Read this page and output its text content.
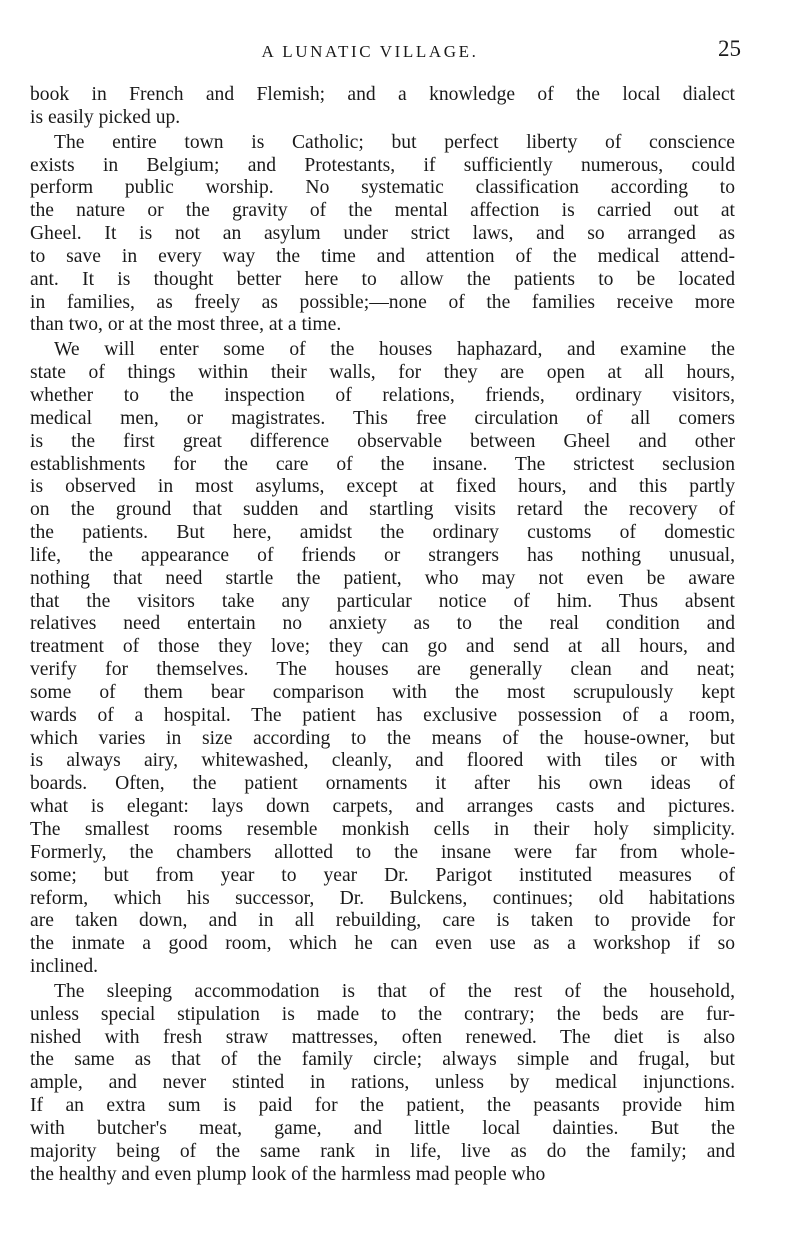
A LUNATIC VILLAGE.	25
book in French and Flemish; and a knowledge of the local dialect
is easily picked up.
The entire town is Catholic; but perfect liberty of conscience
exists in Belgium; and Protestants, if sufficiently numerous, could
perform public worship. No systematic classification according to
the nature or the gravity of the mental affection is carried out at
Gheel. It is not an asylum under strict laws, and so arranged as
to save in every way the time and attention of the medical attend-
ant. It is thought better here to allow the patients to be located
in families, as freely as possible;—none of the families receive more
than two, or at the most three, at a time.
We will enter some of the houses haphazard, and examine the
state of things within their walls, for they are open at all hours,
whether to the inspection of relations, friends, ordinary visitors,
medical men, or magistrates. This free circulation of all comers
is the first great difference observable between Gheel and other
establishments for the care of the insane. The strictest seclusion
is observed in most asylums, except at fixed hours, and this partly
on the ground that sudden and startling visits retard the recovery of
the patients. But here, amidst the ordinary customs of domestic
life, the appearance of friends or strangers has nothing unusual,
nothing that need startle the patient, who may not even be aware
that the visitors take any particular notice of him. Thus absent
relatives need entertain no anxiety as to the real condition and
treatment of those they love; they can go and send at all hours, and
verify for themselves. The houses are generally clean and neat;
some of them bear comparison with the most scrupulously kept
wards of a hospital. The patient has exclusive possession of a room,
which varies in size according to the means of the house-owner, but
is always airy, whitewashed, cleanly, and floored with tiles or with
boards. Often, the patient ornaments it after his own ideas of
what is elegant: lays down carpets, and arranges casts and pictures.
The smallest rooms resemble monkish cells in their holy simplicity.
Formerly, the chambers allotted to the insane were far from whole-
some; but from year to year Dr. Parigot instituted measures of
reform, which his successor, Dr. Bulckens, continues; old habitations
are taken down, and in all rebuilding, care is taken to provide for
the inmate a good room, which he can even use as a workshop if so
inclined.
The sleeping accommodation is that of the rest of the household,
unless special stipulation is made to the contrary; the beds are fur-
nished with fresh straw mattresses, often renewed. The diet is also
the same as that of the family circle; always simple and frugal, but
ample, and never stinted in rations, unless by medical injunctions.
If an extra sum is paid for the patient, the peasants provide him
with butcher's meat, game, and little local dainties. But the
majority being of the same rank in life, live as do the family; and
the healthy and even plump look of the harmless mad people who
